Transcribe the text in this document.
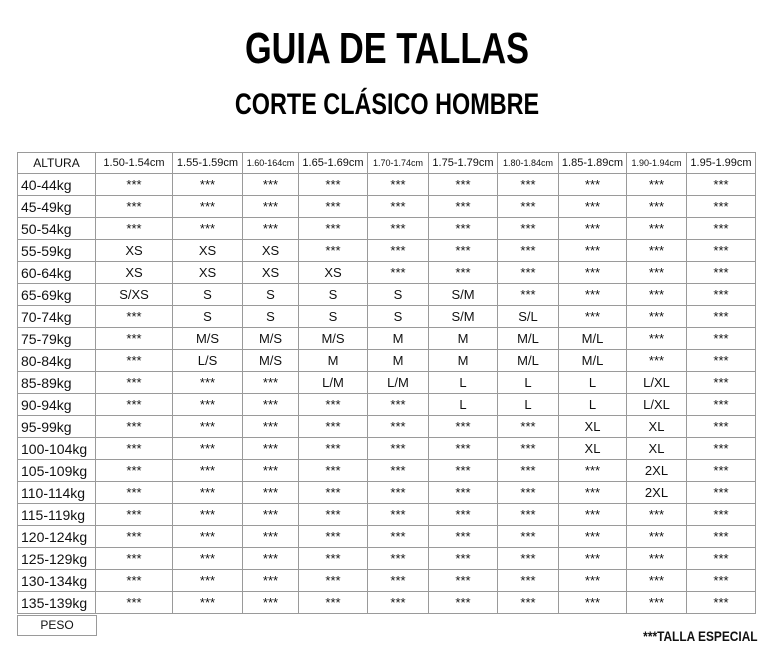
GUIA DE TALLAS
CORTE CLÁSICO HOMBRE
ALTURA	1.50-1.54cm	1.55-1.59cm	1.60-164cm	1.65-1.69cm	1.70-1.74cm	1.75-1.79cm	1.80-1.84cm	1.85-1.89cm	1.90-1.94cm	1.95-1.99cm
40-44kg	***	***	***	***	***	***	***	***	***	***
45-49kg	***	***	***	***	***	***	***	***	***	***
50-54kg	***	***	***	***	***	***	***	***	***	***
55-59kg	XS	XS	XS	***	***	***	***	***	***	***
60-64kg	XS	XS	XS	XS	***	***	***	***	***	***
65-69kg	S/XS	S	S	S	S	S/M	***	***	***	***
70-74kg	***	S	S	S	S	S/M	S/L	***	***	***
75-79kg	***	M/S	M/S	M/S	M	M	M/L	M/L	***	***
80-84kg	***	L/S	M/S	M	M	M	M/L	M/L	***	***
85-89kg	***	***	***	L/M	L/M	L	L	L	L/XL	***
90-94kg	***	***	***	***	***	L	L	L	L/XL	***
95-99kg	***	***	***	***	***	***	***	XL	XL	***
100-104kg	***	***	***	***	***	***	***	XL	XL	***
105-109kg	***	***	***	***	***	***	***	***	2XL	***
110-114kg	***	***	***	***	***	***	***	***	2XL	***
115-119kg	***	***	***	***	***	***	***	***	***	***
120-124kg	***	***	***	***	***	***	***	***	***	***
125-129kg	***	***	***	***	***	***	***	***	***	***
130-134kg	***	***	***	***	***	***	***	***	***	***
135-139kg	***	***	***	***	***	***	***	***	***	***
PESO
***TALLA ESPECIAL
